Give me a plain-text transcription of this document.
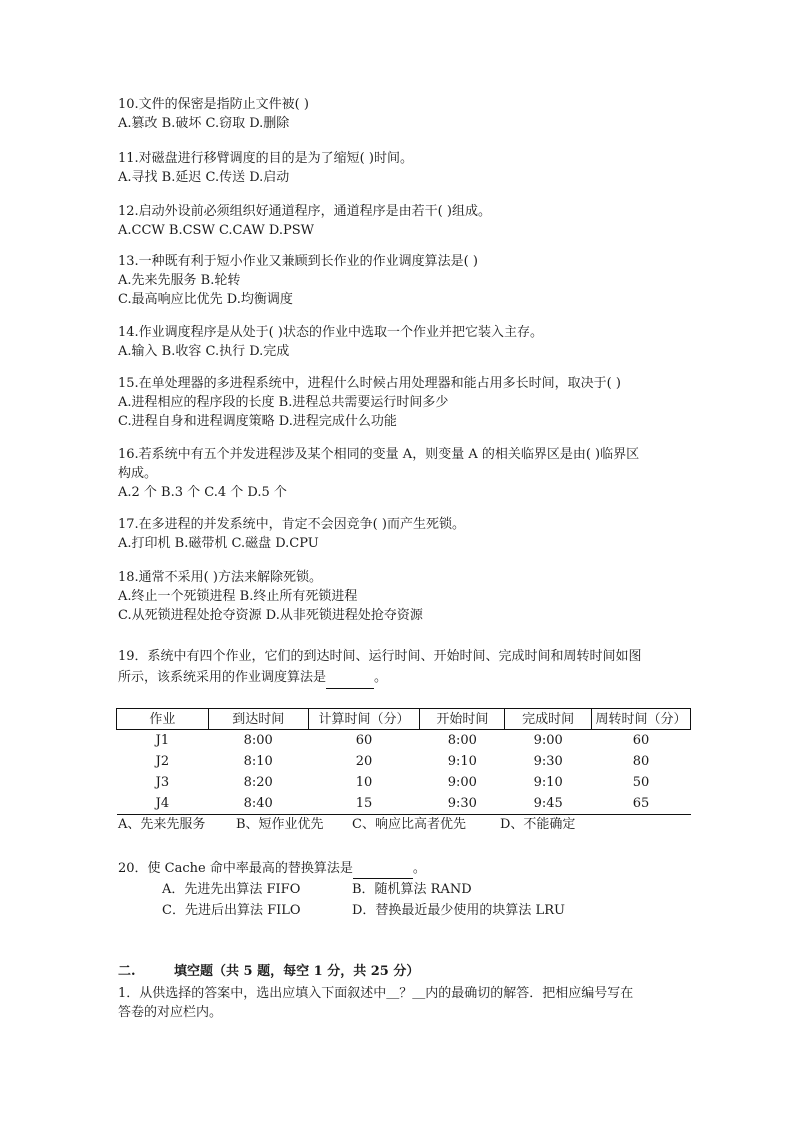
10.文件的保密是指防止文件被( )
A.篡改 B.破坏 C.窃取 D.删除
11.对磁盘进行移臂调度的目的是为了缩短( )时间。
A.寻找 B.延迟 C.传送 D.启动
12.启动外设前必须组织好通道程序，通道程序是由若干( )组成。
A.CCW B.CSW C.CAW D.PSW
13.一种既有利于短小作业又兼顾到长作业的作业调度算法是( )
A.先来先服务 B.轮转
C.最高响应比优先 D.均衡调度
14.作业调度程序是从处于( )状态的作业中选取一个作业并把它装入主存。
A.输入 B.收容 C.执行 D.完成
15.在单处理器的多进程系统中，进程什么时候占用处理器和能占用多长时间，取决于( )
A.进程相应的程序段的长度 B.进程总共需要运行时间多少
C.进程自身和进程调度策略 D.进程完成什么功能
16.若系统中有五个并发进程涉及某个相同的变量 A，则变量 A 的相关临界区是由( )临界区
构成。
A.2 个 B.3 个 C.4 个 D.5 个
17.在多进程的并发系统中，肯定不会因竞争( )而产生死锁。
A.打印机 B.磁带机 C.磁盘 D.CPU
18.通常不采用( )方法来解除死锁。
A.终止一个死锁进程 B.终止所有死锁进程
C.从死锁进程处抢夺资源 D.从非死锁进程处抢夺资源
19．系统中有四个作业，它们的到达时间、运行时间、开始时间、完成时间和周转时间如图
所示，该系统采用的作业调度算法是	。
作业	到达时间	计算时间（分）	开始时间	完成时间	周转时间（分）
J1	8:00	60	8:00	9:00	60
J2	8:10	20	9:10	9:30	80
J3	8:20	10	9:00	9:10	50
J4	8:40	15	9:30	9:45	65
A、先来先服务 B、短作业优先 C、响应比高者优先	D、不能确定
20．使 Cache 命中率最高的替换算法是	。
A．先进先出算法 FIFO	B．随机算法 RAND
C．先进后出算法 FILO	D．替换最近最少使用的块算法 LRU
二.	填空题（共 5 题，每空 1 分，共 25 分）
1．从供选择的答案中，选出应填入下面叙述中＿？＿内的最确切的解答．把相应编号写在
答卷的对应栏内。
